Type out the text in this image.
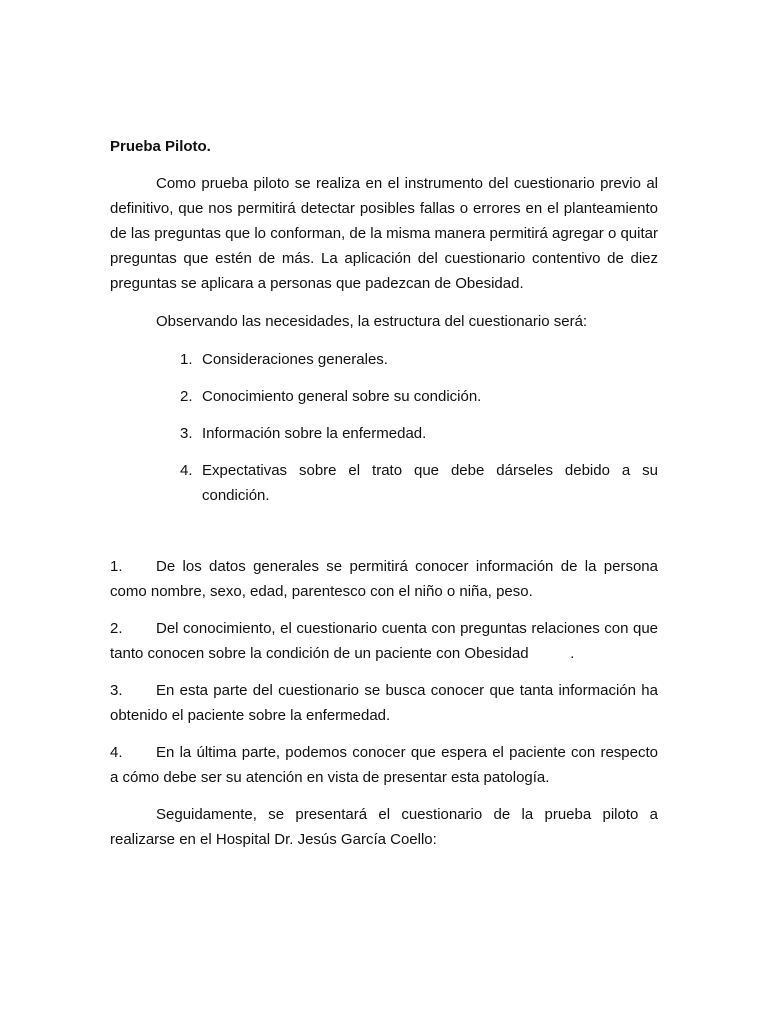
Prueba Piloto.

Como prueba piloto se realiza en el instrumento del cuestionario previo al definitivo, que nos permitirá detectar posibles fallas o errores en el planteamiento de las preguntas que lo conforman, de la misma manera permitirá agregar o quitar preguntas que estén de más. La aplicación del cuestionario contentivo de diez preguntas se aplicara a personas que padezcan de Obesidad.

Observando las necesidades, la estructura del cuestionario será:

1. Consideraciones generales.
2. Conocimiento general sobre su condición.
3. Información sobre la enfermedad.
4. Expectativas sobre el trato que debe dárseles debido a su condición.

1. De los datos generales se permitirá conocer información de la persona como nombre, sexo, edad, parentesco con el niño o niña, peso.

2. Del conocimiento, el cuestionario cuenta con preguntas relaciones con que tanto conocen sobre la condición de un paciente con Obesidad          .

3. En esta parte del cuestionario se busca conocer que tanta información ha obtenido el paciente sobre la enfermedad.

4. En la última parte, podemos conocer que espera el paciente con respecto a cómo debe ser su atención en vista de presentar esta patología.

Seguidamente, se presentará el cuestionario de la prueba piloto a realizarse en el Hospital Dr. Jesús García Coello:
